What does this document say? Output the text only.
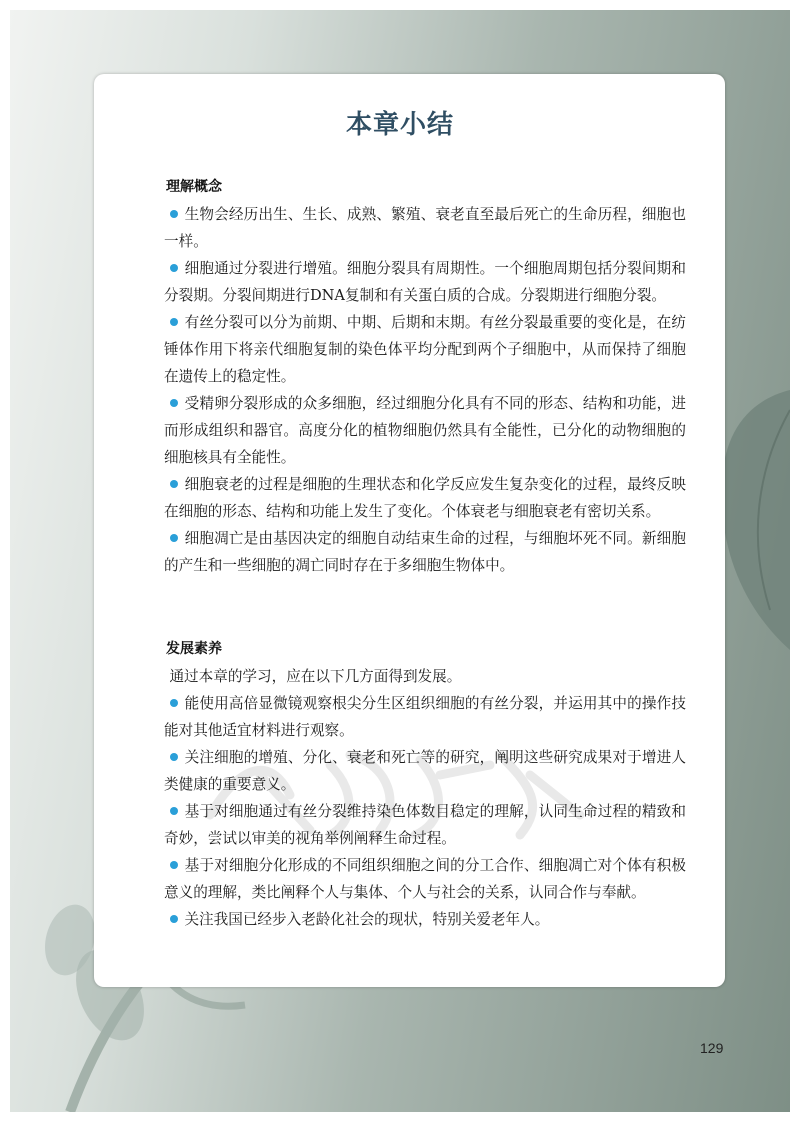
本章小结
理解概念

生物会经历出生、生长、成熟、繁殖、衰老直至最后死亡的生命历程，细胞也一样。

细胞通过分裂进行增殖。细胞分裂具有周期性。一个细胞周期包括分裂间期和分裂期。分裂间期进行DNA复制和有关蛋白质的合成。分裂期进行细胞分裂。

有丝分裂可以分为前期、中期、后期和末期。有丝分裂最重要的变化是，在纺锤体作用下将亲代细胞复制的染色体平均分配到两个子细胞中，从而保持了细胞在遗传上的稳定性。

受精卵分裂形成的众多细胞，经过细胞分化具有不同的形态、结构和功能，进而形成组织和器官。高度分化的植物细胞仍然具有全能性，已分化的动物细胞的细胞核具有全能性。

细胞衰老的过程是细胞的生理状态和化学反应发生复杂变化的过程，最终反映在细胞的形态、结构和功能上发生了变化。个体衰老与细胞衰老有密切关系。

细胞凋亡是由基因决定的细胞自动结束生命的过程，与细胞坏死不同。新细胞的产生和一些细胞的凋亡同时存在于多细胞生物体中。

发展素养
通过本章的学习，应在以下几方面得到发展。

能使用高倍显微镜观察根尖分生区组织细胞的有丝分裂，并运用其中的操作技能对其他适宜材料进行观察。

关注细胞的增殖、分化、衰老和死亡等的研究，阐明这些研究成果对于增进人类健康的重要意义。

基于对细胞通过有丝分裂维持染色体数目稳定的理解，认同生命过程的精致和奇妙，尝试以审美的视角举例阐释生命过程。

基于对细胞分化形成的不同组织细胞之间的分工合作、细胞凋亡对个体有积极意义的理解，类比阐释个人与集体、个人与社会的关系，认同合作与奉献。

关注我国已经步入老龄化社会的现状，特别关爱老年人。

129
